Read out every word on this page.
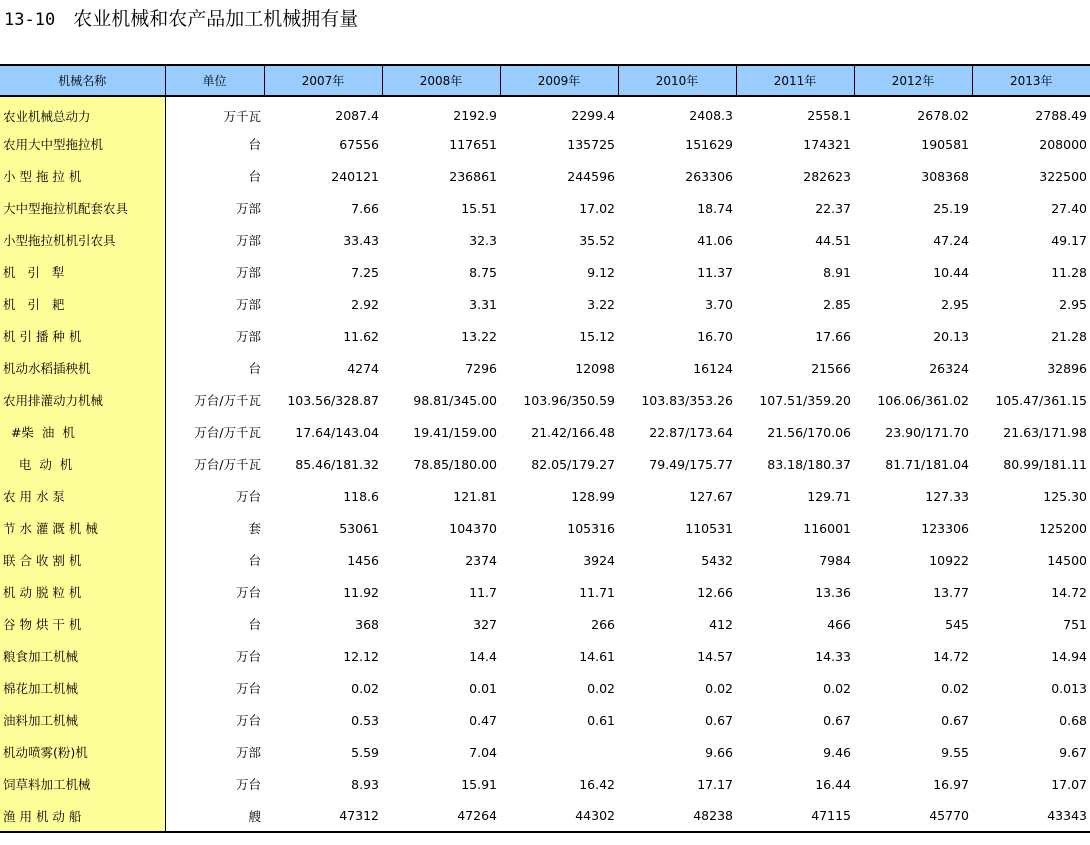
13-10 农业机械和农产品加工机械拥有量
机械名称	单位	2007年	2008年	2009年	2010年	2011年	2012年	2013年
农业机械总动力	万千瓦	2087.4	2192.9	2299.4	2408.3	2558.1	2678.02	2788.49
农用大中型拖拉机	台	67556	117651	135725	151629	174321	190581	208000
小 型 拖 拉 机	台	240121	236861	244596	263306	282623	308368	322500
大中型拖拉机配套农具	万部	7.66	15.51	17.02	18.74	22.37	25.19	27.40
小型拖拉机机引农具	万部	33.43	32.3	35.52	41.06	44.51	47.24	49.17
机   引   犁	万部	7.25	8.75	9.12	11.37	8.91	10.44	11.28
机   引   耙	万部	2.92	3.31	3.22	3.70	2.85	2.95	2.95
机 引 播 种 机	万部	11.62	13.22	15.12	16.70	17.66	20.13	21.28
机动水稻插秧机	台	4274	7296	12098	16124	21566	26324	32896
农用排灌动力机械	万台/万千瓦	103.56/328.87	98.81/345.00	103.96/350.59	103.83/353.26	107.51/359.20	106.06/361.02	105.47/361.15
#柴  油  机	万台/万千瓦	17.64/143.04	19.41/159.00	21.42/166.48	22.87/173.64	21.56/170.06	23.90/171.70	21.63/171.98
电  动  机	万台/万千瓦	85.46/181.32	78.85/180.00	82.05/179.27	79.49/175.77	83.18/180.37	81.71/181.04	80.99/181.11
农 用 水 泵	万台	118.6	121.81	128.99	127.67	129.71	127.33	125.30
节 水 灌 溉 机 械	套	53061	104370	105316	110531	116001	123306	125200
联 合 收 割 机	台	1456	2374	3924	5432	7984	10922	14500
机 动 脱 粒 机	万台	11.92	11.7	11.71	12.66	13.36	13.77	14.72
谷 物 烘 干 机	台	368	327	266	412	466	545	751
粮食加工机械	万台	12.12	14.4	14.61	14.57	14.33	14.72	14.94
棉花加工机械	万台	0.02	0.01	0.02	0.02	0.02	0.02	0.013
油料加工机械	万台	0.53	0.47	0.61	0.67	0.67	0.67	0.68
机动喷雾(粉)机	万部	5.59	7.04		9.66	9.46	9.55	9.67
饲草料加工机械	万台	8.93	15.91	16.42	17.17	16.44	16.97	17.07
渔 用 机 动 船	艘	47312	47264	44302	48238	47115	45770	43343
